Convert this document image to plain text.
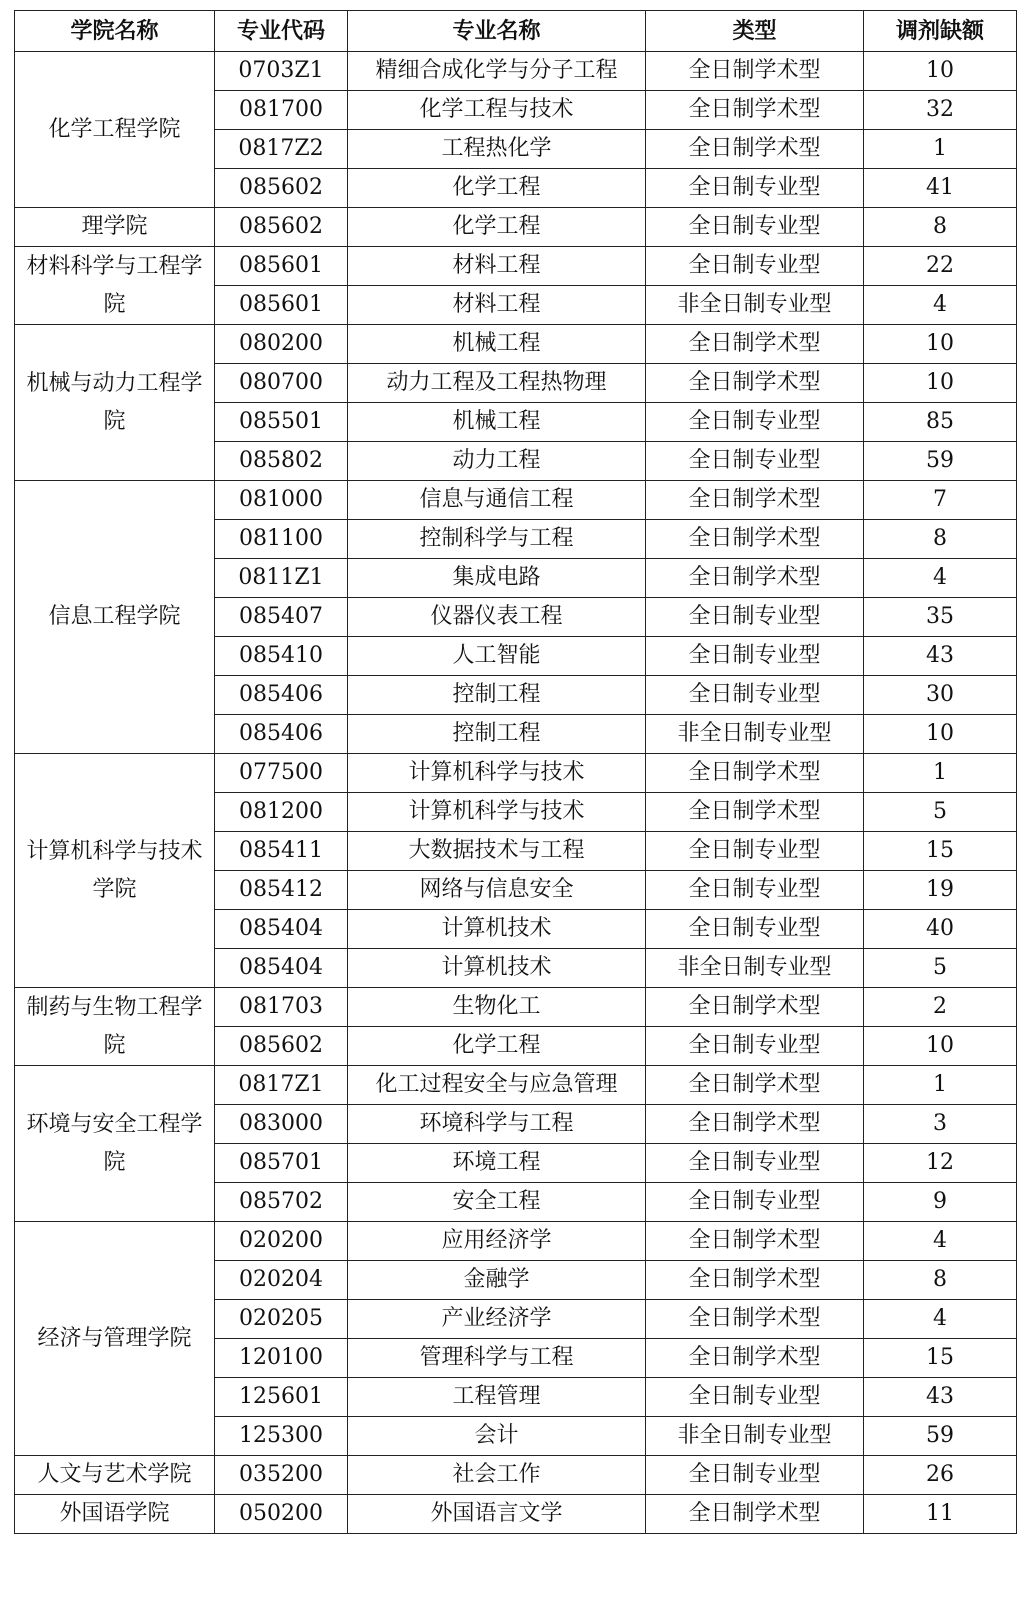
学院名称	专业代码	专业名称	类型	调剂缺额
化学工程学院	0703Z1	精细合成化学与分子工程	全日制学术型	10
	081700	化学工程与技术	全日制学术型	32
	0817Z2	工程热化学	全日制学术型	1
	085602	化学工程	全日制专业型	41
理学院	085602	化学工程	全日制专业型	8
材料科学与工程学院	085601	材料工程	全日制专业型	22
	085601	材料工程	非全日制专业型	4
机械与动力工程学院	080200	机械工程	全日制学术型	10
	080700	动力工程及工程热物理	全日制学术型	10
	085501	机械工程	全日制专业型	85
	085802	动力工程	全日制专业型	59
信息工程学院	081000	信息与通信工程	全日制学术型	7
	081100	控制科学与工程	全日制学术型	8
	0811Z1	集成电路	全日制学术型	4
	085407	仪器仪表工程	全日制专业型	35
	085410	人工智能	全日制专业型	43
	085406	控制工程	全日制专业型	30
	085406	控制工程	非全日制专业型	10
计算机科学与技术学院	077500	计算机科学与技术	全日制学术型	1
	081200	计算机科学与技术	全日制学术型	5
	085411	大数据技术与工程	全日制专业型	15
	085412	网络与信息安全	全日制专业型	19
	085404	计算机技术	全日制专业型	40
	085404	计算机技术	非全日制专业型	5
制药与生物工程学院	081703	生物化工	全日制学术型	2
	085602	化学工程	全日制专业型	10
环境与安全工程学院	0817Z1	化工过程安全与应急管理	全日制学术型	1
	083000	环境科学与工程	全日制学术型	3
	085701	环境工程	全日制专业型	12
	085702	安全工程	全日制专业型	9
经济与管理学院	020200	应用经济学	全日制学术型	4
	020204	金融学	全日制学术型	8
	020205	产业经济学	全日制学术型	4
	120100	管理科学与工程	全日制学术型	15
	125601	工程管理	全日制专业型	43
	125300	会计	非全日制专业型	59
人文与艺术学院	035200	社会工作	全日制专业型	26
外国语学院	050200	外国语言文学	全日制学术型	11
